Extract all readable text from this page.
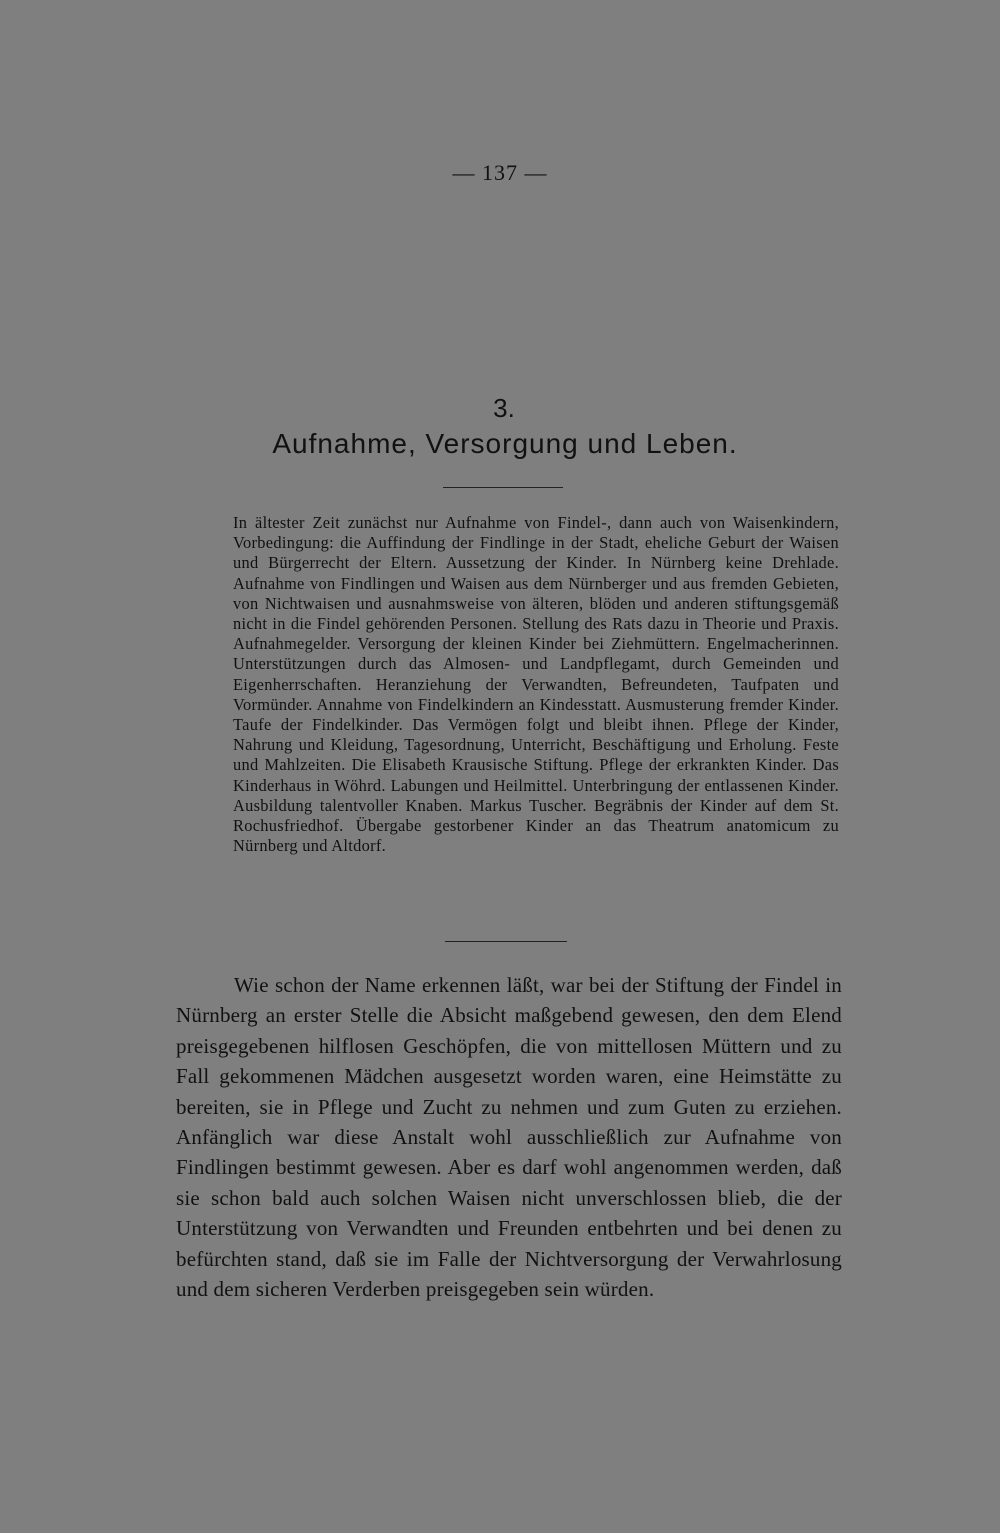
— 137 —
3.
Aufnahme, Versorgung und Leben.

In ältester Zeit zunächst nur Aufnahme von Findel-, dann auch von Waisenkindern, Vorbedingung: die Auffindung der Findlinge in der Stadt, eheliche Geburt der Waisen und Bürgerrecht der Eltern. Aussetzung der Kinder. In Nürnberg keine Drehlade. Aufnahme von Findlingen und Waisen aus dem Nürnberger und aus fremden Gebieten, von Nichtwaisen und ausnahmsweise von älteren, blöden und anderen stiftungsgemäß nicht in die Findel gehörenden Personen. Stellung des Rats dazu in Theorie und Praxis. Aufnahmegelder. Versorgung der kleinen Kinder bei Ziehmüttern. Engelmacherinnen. Unterstützungen durch das Almosen- und Landpflegamt, durch Gemeinden und Eigenherrschaften. Heranziehung der Verwandten, Befreundeten, Taufpaten und Vormünder. Annahme von Findelkindern an Kindesstatt. Ausmusterung fremder Kinder. Taufe der Findelkinder. Das Vermögen folgt und bleibt ihnen. Pflege der Kinder, Nahrung und Kleidung, Tagesordnung, Unterricht, Beschäftigung und Erholung. Feste und Mahlzeiten. Die Elisabeth Krausische Stiftung. Pflege der erkrankten Kinder. Das Kinderhaus in Wöhrd. Labungen und Heilmittel. Unterbringung der entlassenen Kinder. Ausbildung talentvoller Knaben. Markus Tuscher. Begräbnis der Kinder auf dem St. Rochusfriedhof. Übergabe gestorbener Kinder an das Theatrum anatomicum zu Nürnberg und Altdorf.

Wie schon der Name erkennen läßt, war bei der Stiftung der Findel in Nürnberg an erster Stelle die Absicht maßgebend gewesen, den dem Elend preisgegebenen hilflosen Geschöpfen, die von mittellosen Müttern und zu Fall gekommenen Mädchen ausgesetzt worden waren, eine Heimstätte zu bereiten, sie in Pflege und Zucht zu nehmen und zum Guten zu erziehen. Anfänglich war diese Anstalt wohl ausschließlich zur Aufnahme von Findlingen bestimmt gewesen. Aber es darf wohl angenommen werden, daß sie schon bald auch solchen Waisen nicht unverschlossen blieb, die der Unterstützung von Verwandten und Freunden entbehrten und bei denen zu befürchten stand, daß sie im Falle der Nichtversorgung der Verwahrlosung und dem sicheren Verderben preisgegeben sein würden.
